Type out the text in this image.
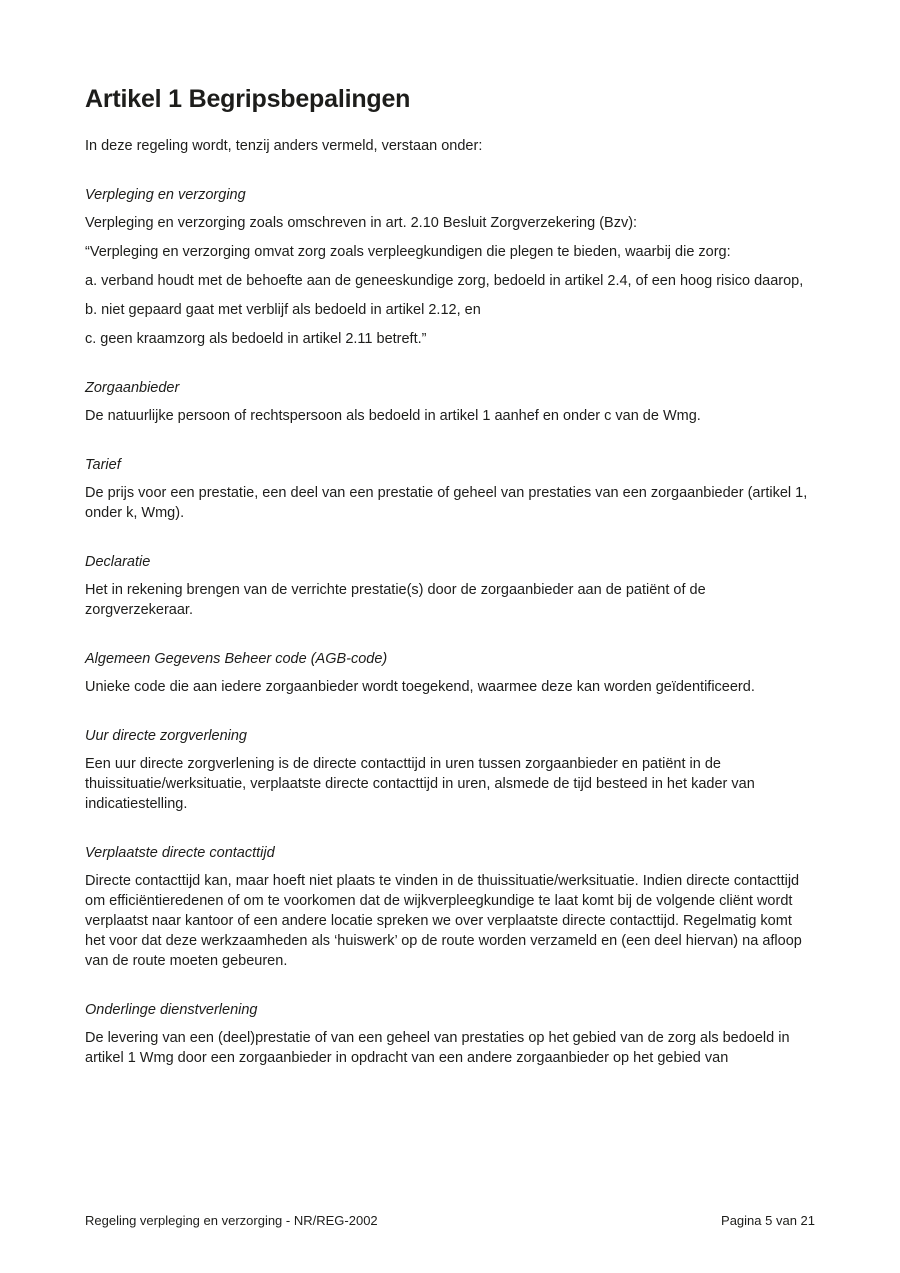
Artikel 1 Begripsbepalingen

In deze regeling wordt, tenzij anders vermeld, verstaan onder:

Verpleging en verzorging

Verpleging en verzorging zoals omschreven in art. 2.10 Besluit Zorgverzekering (Bzv):

“Verpleging en verzorging omvat zorg zoals verpleegkundigen die plegen te bieden, waarbij die zorg:

a. verband houdt met de behoefte aan de geneeskundige zorg, bedoeld in artikel 2.4, of een hoog risico daarop,

b. niet gepaard gaat met verblijf als bedoeld in artikel 2.12, en

c. geen kraamzorg als bedoeld in artikel 2.11 betreft.”

Zorgaanbieder

De natuurlijke persoon of rechtspersoon als bedoeld in artikel 1 aanhef en onder c van de Wmg.

Tarief

De prijs voor een prestatie, een deel van een prestatie of geheel van prestaties van een zorgaanbieder (artikel 1, onder k, Wmg).

Declaratie

Het in rekening brengen van de verrichte prestatie(s) door de zorgaanbieder aan de patiënt of de zorgverzekeraar.

Algemeen Gegevens Beheer code (AGB-code)

Unieke code die aan iedere zorgaanbieder wordt toegekend, waarmee deze kan worden geïdentificeerd.

Uur directe zorgverlening

Een uur directe zorgverlening is de directe contacttijd in uren tussen zorgaanbieder en patiënt in de thuissituatie/werksituatie, verplaatste directe contacttijd in uren, alsmede de tijd besteed in het kader van indicatiestelling.

Verplaatste directe contacttijd

Directe contacttijd kan, maar hoeft niet plaats te vinden in de thuissituatie/werksituatie. Indien directe contacttijd om efficiëntieredenen of om te voorkomen dat de wijkverpleegkundige te laat komt bij de volgende cliënt wordt verplaatst naar kantoor of een andere locatie spreken we over verplaatste directe contacttijd. Regelmatig komt het voor dat deze werkzaamheden als ‘huiswerk’ op de route worden verzameld en (een deel hiervan) na afloop van de route moeten gebeuren.

Onderlinge dienstverlening

De levering van een (deel)prestatie of van een geheel van prestaties op het gebied van de zorg als bedoeld in artikel 1 Wmg door een zorgaanbieder in opdracht van een andere zorgaanbieder op het gebied van

Regeling verpleging en verzorging - NR/REG-2002	Pagina 5 van 21
